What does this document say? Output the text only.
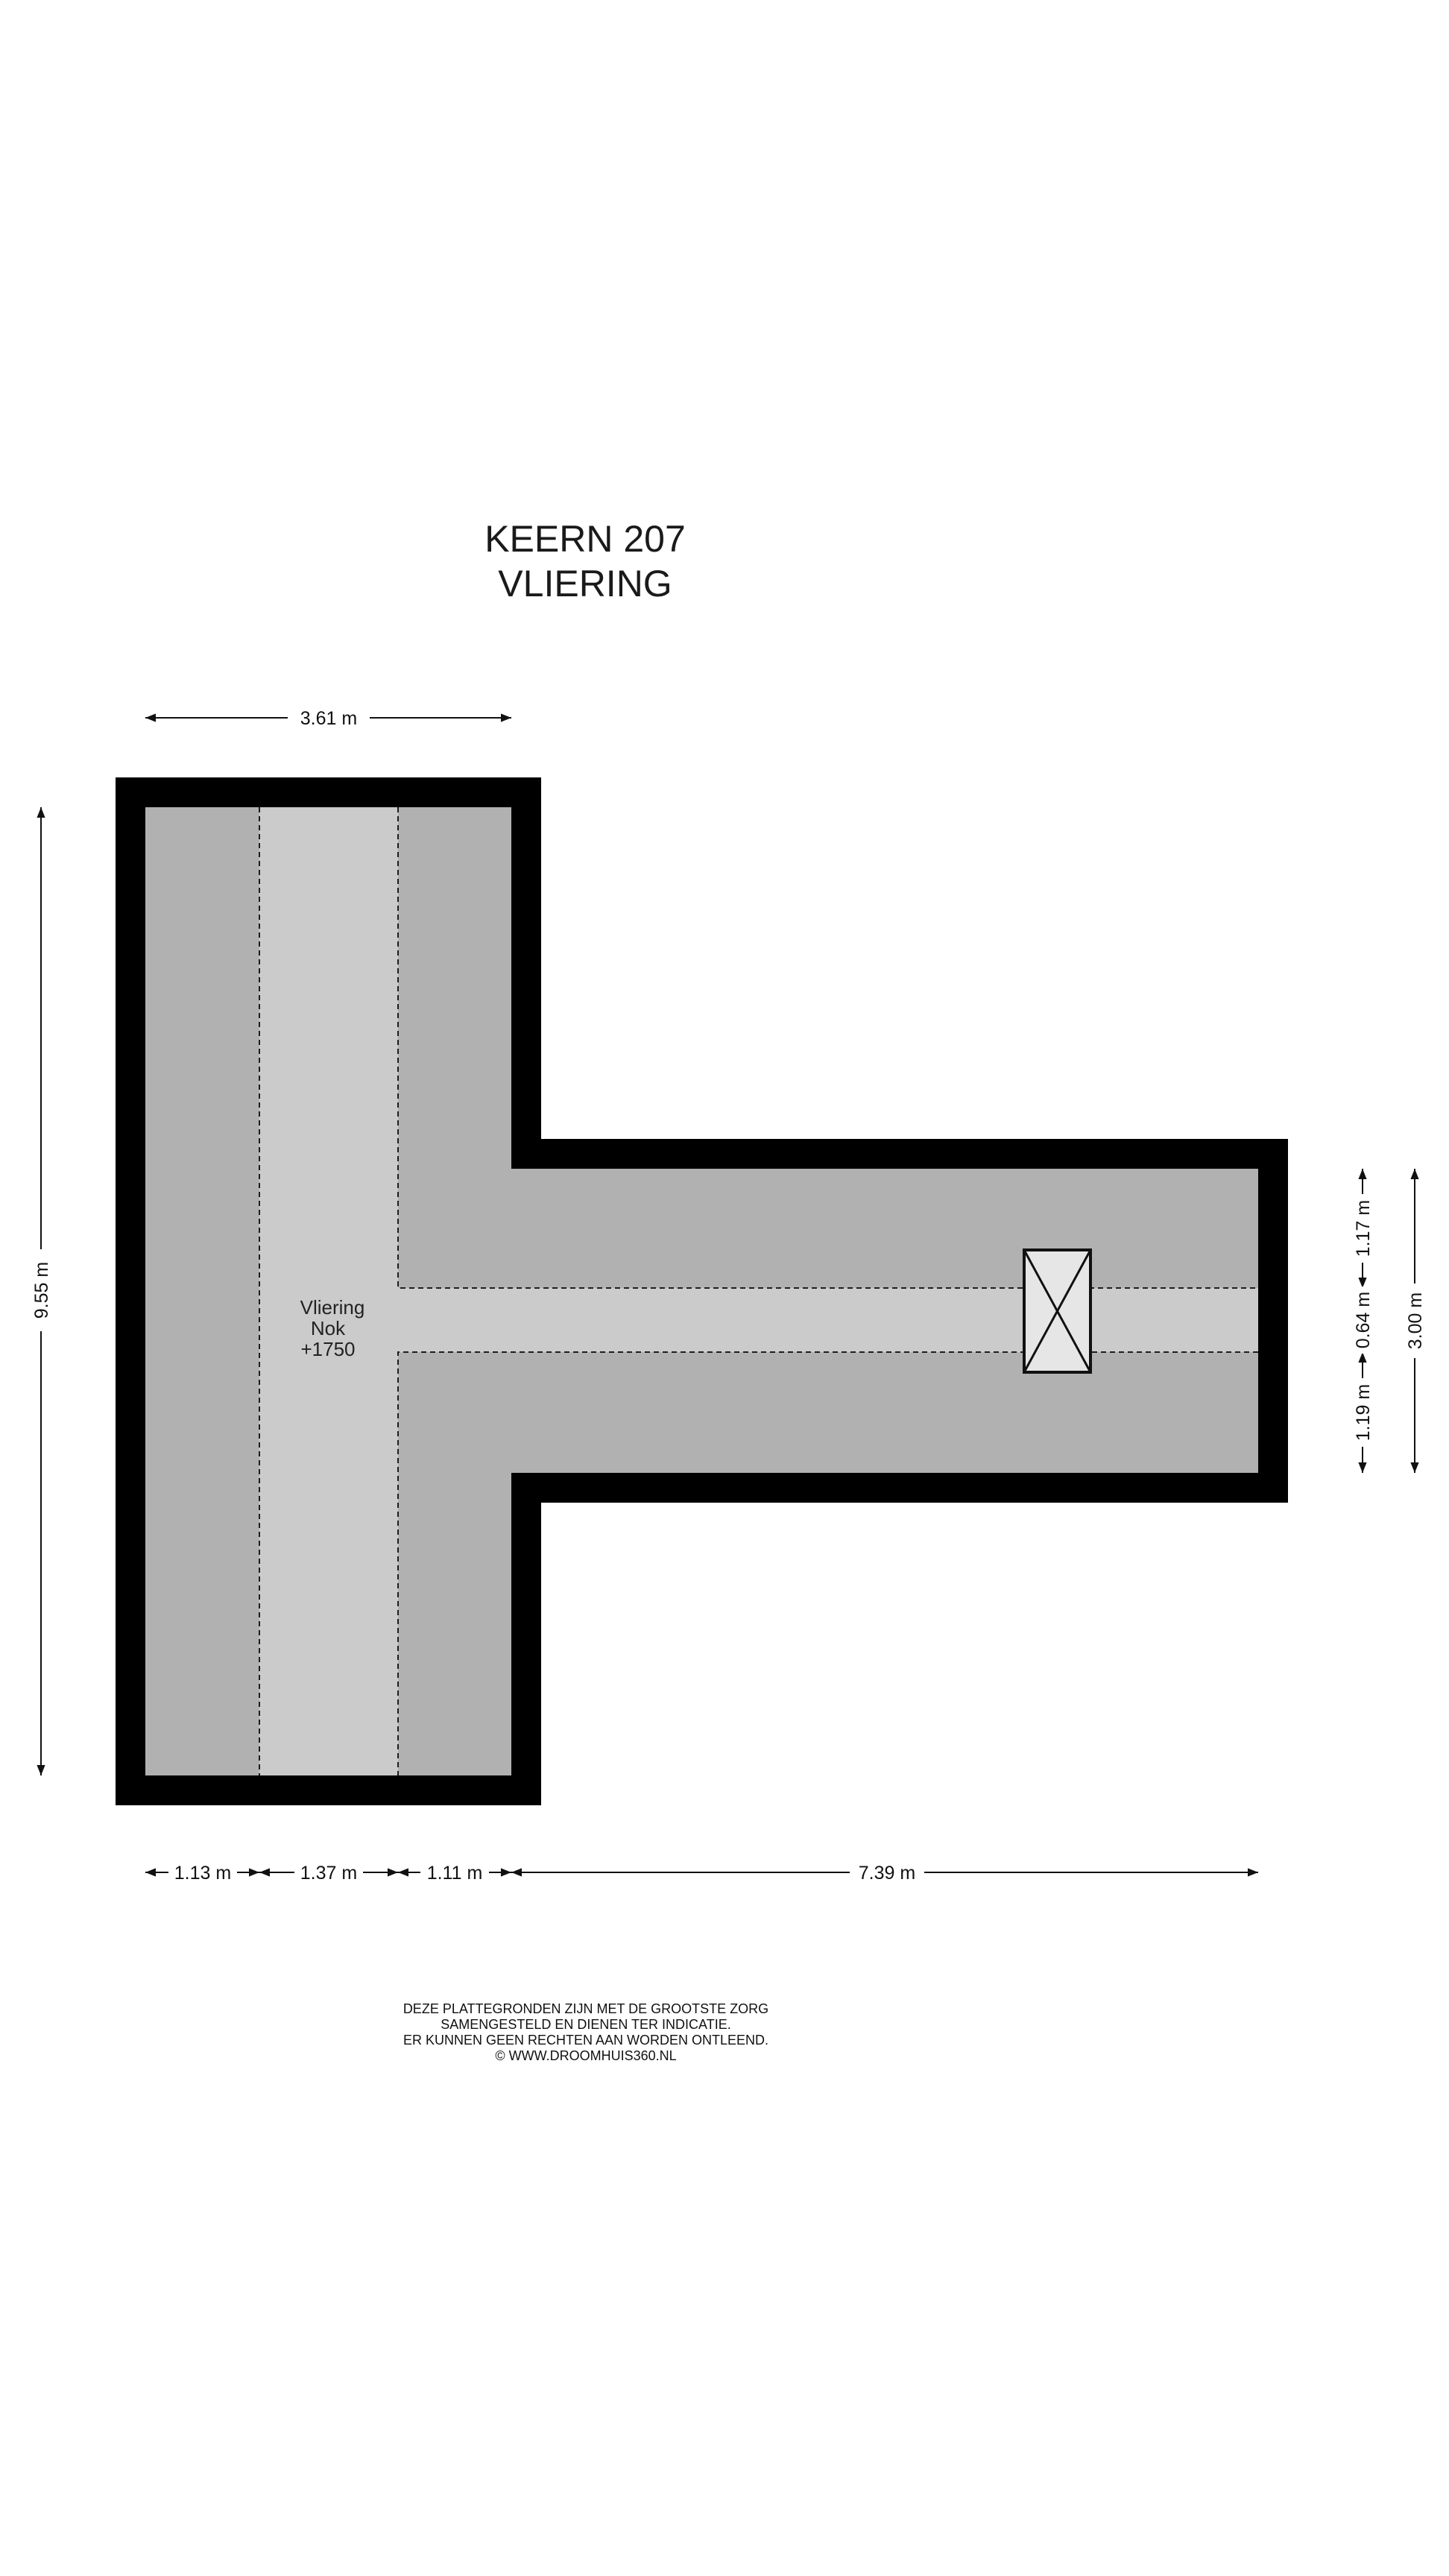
KEERN 207
VLIERING
Vliering
Nok
+1750
3.61 m
9.55 m
1.13 m	1.37 m	1.11 m	7.39 m
1.17 m
0.64 m
1.19 m
3.00 m
DEZE PLATTEGRONDEN ZIJN MET DE GROOTSTE ZORG
SAMENGESTELD EN DIENEN TER INDICATIE.
ER KUNNEN GEEN RECHTEN AAN WORDEN ONTLEEND.
© WWW.DROOMHUIS360.NL
